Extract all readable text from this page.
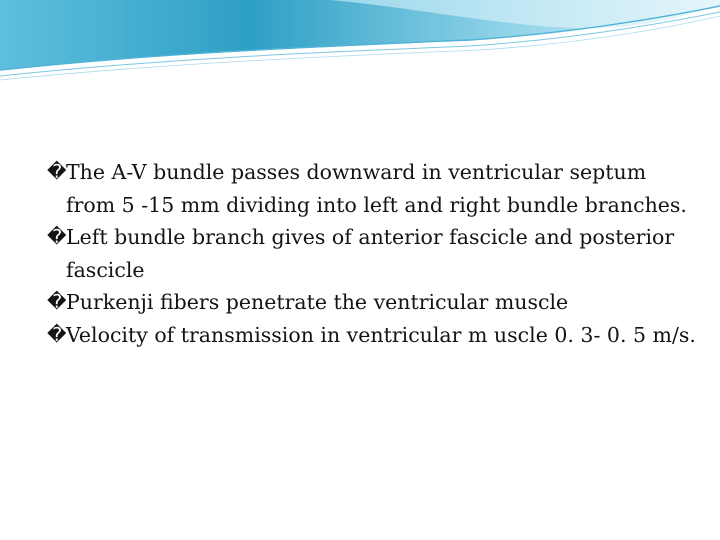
� The A-V bundle passes downward in ventricular septum from 5 -15 mm dividing into left and right bundle branches.
� Left bundle branch gives of anterior fascicle and posterior fascicle
� Purkenji fibers penetrate the ventricular muscle
� Velocity of transmission in ventricular m uscle 0. 3- 0. 5 m/s.
